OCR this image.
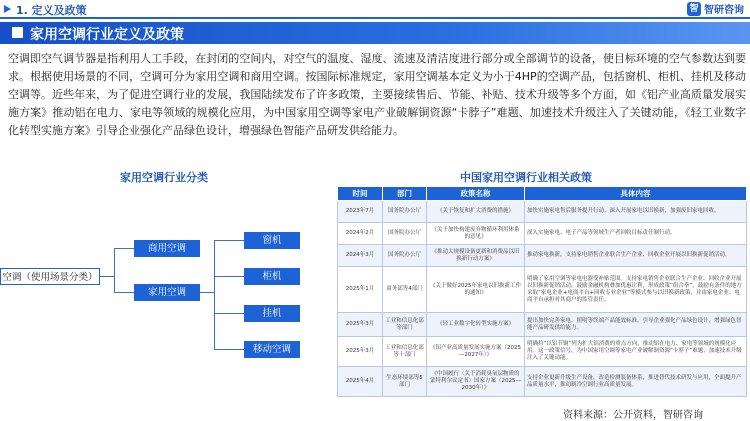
1. 定义及政策	智 智研咨询
家用空调行业定义及政策
空调即空气调节器是指利用人工手段，在封闭的空间内，对空气的温度、湿度、流速及清洁度进行部分或全部调节的设备，使目标环境的空气参数达到要求。根据使用场景的不同，空调可分为家用空调和商用空调。按国际标准规定，家用空调基本定义为小于4HP的空调产品，包括窗机、柜机、挂机及移动空调等。近些年来，为了促进空调行业的发展，我国陆续发布了许多政策，主要接续售后、节能、补贴、技术升级等多个方面，如《铝产业高质量发展实施方案》推动铝在电力、家电等领域的规模化应用，为中国家用空调等家电产业破解铜资源“卡脖子”难题、加速技术升级注入了关键动能，《轻工业数字化转型实施方案》引导企业强化产品绿色设计，增强绿色智能产品研发供给能力。
家用空调行业分类
空调（使用场景分类）
商用空调
家用空调
窗机
柜机
挂机
移动空调
中国家用空调行业相关政策
时间	部门	政策名称	具体内容
2023年7月	国务院办公厅	《关于恢复和扩大消费的措施》	加快实施家电售后服务提升行动。深入开展家电以旧换新，加强废旧家电回收。
2024年2月	国务院办公厅	《关于加快构建废弃物循环利用体系的意见》	深入实施家电、电子产品等领域生产者回收目标责任制行动。
2024年3月	国务院办公厅	《推动大规模设备更新和消费品以旧换新行动方案》	推动家电换新，支持家电销售企业联合生产企业、回收企业开展以旧换新促销活动。
2025年1月	商务部等4部门	《关于做好2025年家电以旧换新工作的通知》	明确了家用空调等家电电器受补贴范围。支持家电销售企业联合生产企业、回收企业开展以旧换新促销活动，鼓励金融机构叠加优惠让利，形成政策“组合拳”，鼓励有条件的地方采取“家电企业+电商平台+回收专业企业”等模式参与以旧换新政策，并由家电企业、电商平台承担对其商户的监管责任。
2025年3月	工业和信息化部等部门	《轻工业数字化转型实施方案》	提出加快完善家电、照明等终端产品能效标准，引导企业强化产品绿色设计，增强绿色智能产品研发供给能力。
2025年3月	工业和信息化部等十部门	《铝产业高质量发展实施方案（2025—2027年）》	明确将“以铝节铜”列为扩大铝消费的重点方向，推动铝在电力、家电等领域的规模化应用。这一政策信号，为中国家用空调等家电产业破解铜资源“卡脖子”难题、加速技术升级注入了关键动能。
2025年4月	生态环境部等5部门	《中国履行〈关于消耗臭氧层物质的蒙特利尔议定书〉国家方案（2025—2030年）》	支持企业更新升级生产设备，改造检测装备体系，推进替代技术研发与应用，全面提升产品质量水平，推动制冷空调行业高质量发展。
资料来源：公开资料，智研咨询
